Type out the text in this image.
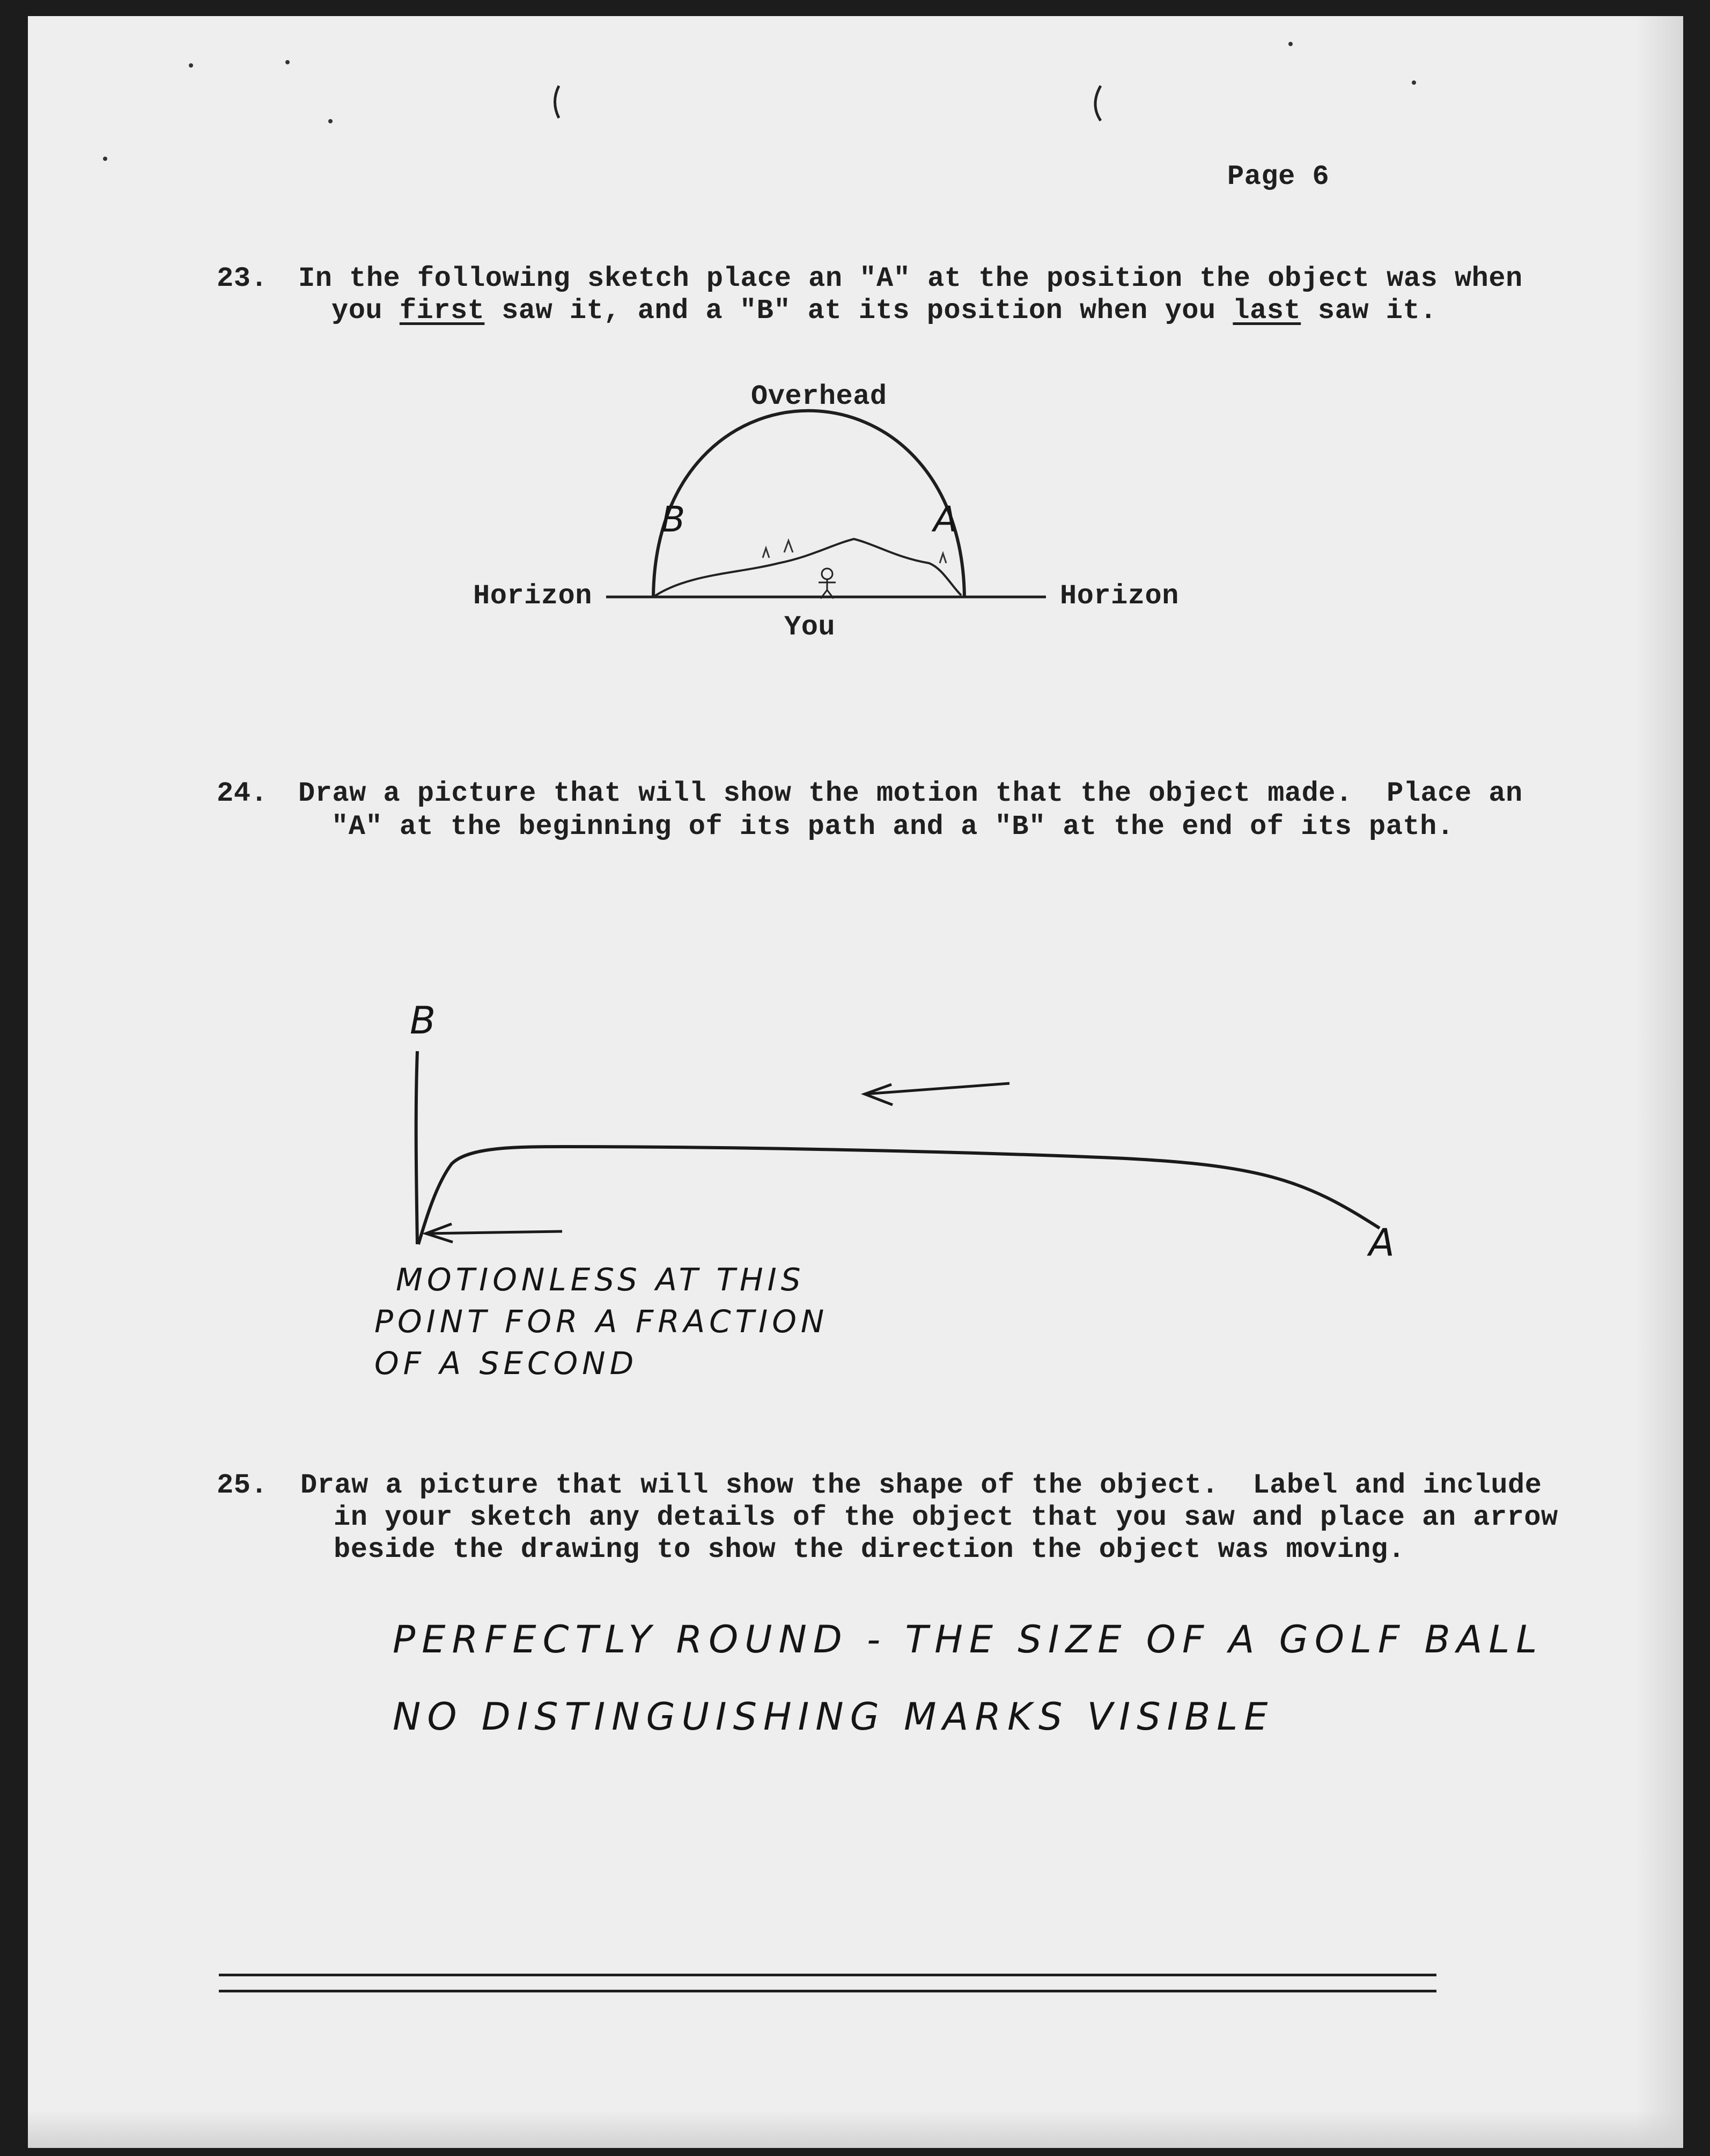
Page 6
23. In the following sketch place an "A" at the position the object was when
you first saw it, and a "B" at its position when you last saw it.
Overhead
Horizon	Horizon
You
B	A
24. Draw a picture that will show the motion that the object made.  Place an
"A" at the beginning of its path and a "B" at the end of its path.
B
A
MOTIONLESS AT THIS
POINT FOR A FRACTION
OF A SECOND
25. Draw a picture that will show the shape of the object.  Label and include
in your sketch any details of the object that you saw and place an arrow
beside the drawing to show the direction the object was moving.
PERFECTLY ROUND - THE SIZE OF A GOLF BALL
NO DISTINGUISHING MARKS VISIBLE
